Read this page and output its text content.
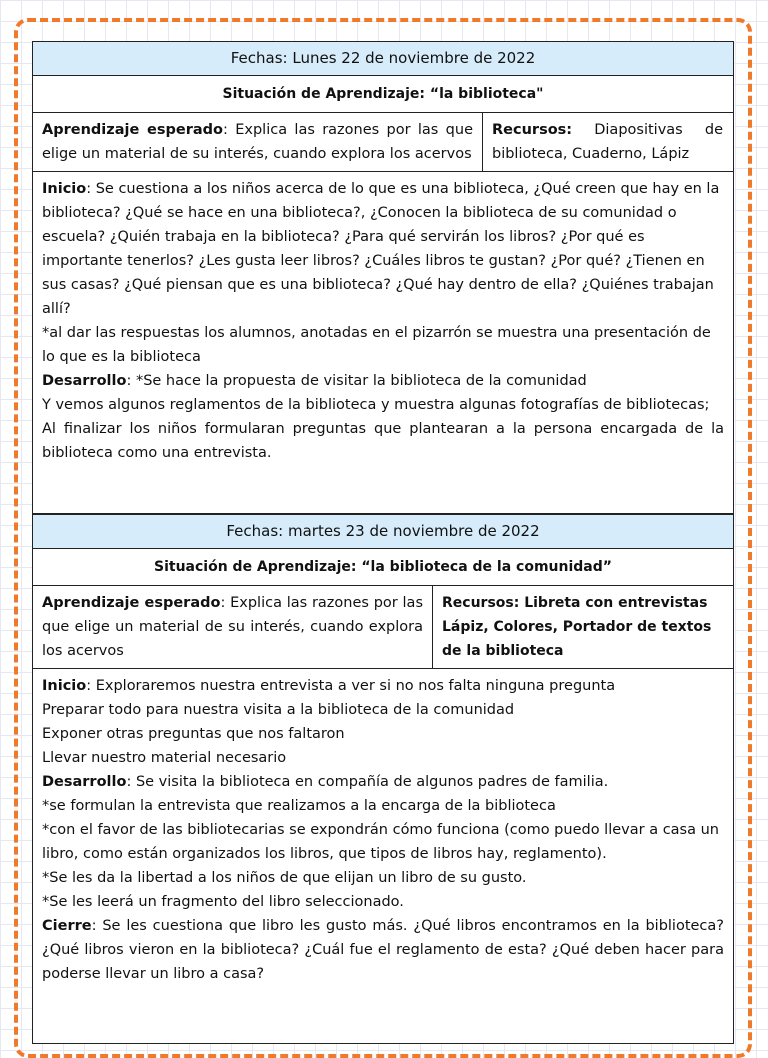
Fechas: Lunes 22 de noviembre de 2022
Situación de Aprendizaje: “la biblioteca"
Aprendizaje esperado: Explica las razones por las que elige un material de su interés, cuando explora los acervos
Recursos: Diapositivas de biblioteca, Cuaderno, Lápiz

Inicio: Se cuestiona a los niños acerca de lo que es una biblioteca, ¿Qué creen que hay en la biblioteca? ¿Qué se hace en una biblioteca?, ¿Conocen la biblioteca de su comunidad o escuela? ¿Quién trabaja en la biblioteca? ¿Para qué servirán los libros? ¿Por qué es importante tenerlos? ¿Les gusta leer libros? ¿Cuáles libros te gustan? ¿Por qué? ¿Tienen en sus casas? ¿Qué piensan que es una biblioteca? ¿Qué hay dentro de ella? ¿Quiénes trabajan allí?

*al dar las respuestas los alumnos, anotadas en el pizarrón se muestra una presentación de lo que es la biblioteca

Desarrollo: *Se hace la propuesta de visitar la biblioteca de la comunidad

Y vemos algunos reglamentos de la biblioteca y muestra algunas fotografías de bibliotecas;

Al finalizar los niños formularan preguntas que plantearan a la persona encargada de la biblioteca como una entrevista.

Fechas: martes 23 de noviembre de 2022
Situación de Aprendizaje: “la biblioteca de la comunidad”
Aprendizaje esperado: Explica las razones por las que elige un material de su interés, cuando explora los acervos
Recursos: Libreta con entrevistas
Lápiz, Colores, Portador de textos de la biblioteca

Inicio: Exploraremos nuestra entrevista a ver si no nos falta ninguna pregunta

Preparar todo para nuestra visita a la biblioteca de la comunidad

Exponer otras preguntas que nos faltaron

Llevar nuestro material necesario

Desarrollo: Se visita la biblioteca en compañía de algunos padres de familia.

*se formulan la entrevista que realizamos a la encarga de la biblioteca

*con el favor de las bibliotecarias se expondrán cómo funciona (como puedo llevar a casa un libro, como están organizados los libros, que tipos de libros hay, reglamento).

*Se les da la libertad a los niños de que elijan un libro de su gusto.

*Se les leerá un fragmento del libro seleccionado.

Cierre: Se les cuestiona que libro les gusto más. ¿Qué libros encontramos en la biblioteca? ¿Qué libros vieron en la biblioteca? ¿Cuál fue el reglamento de esta? ¿Qué deben hacer para poderse llevar un libro a casa?
